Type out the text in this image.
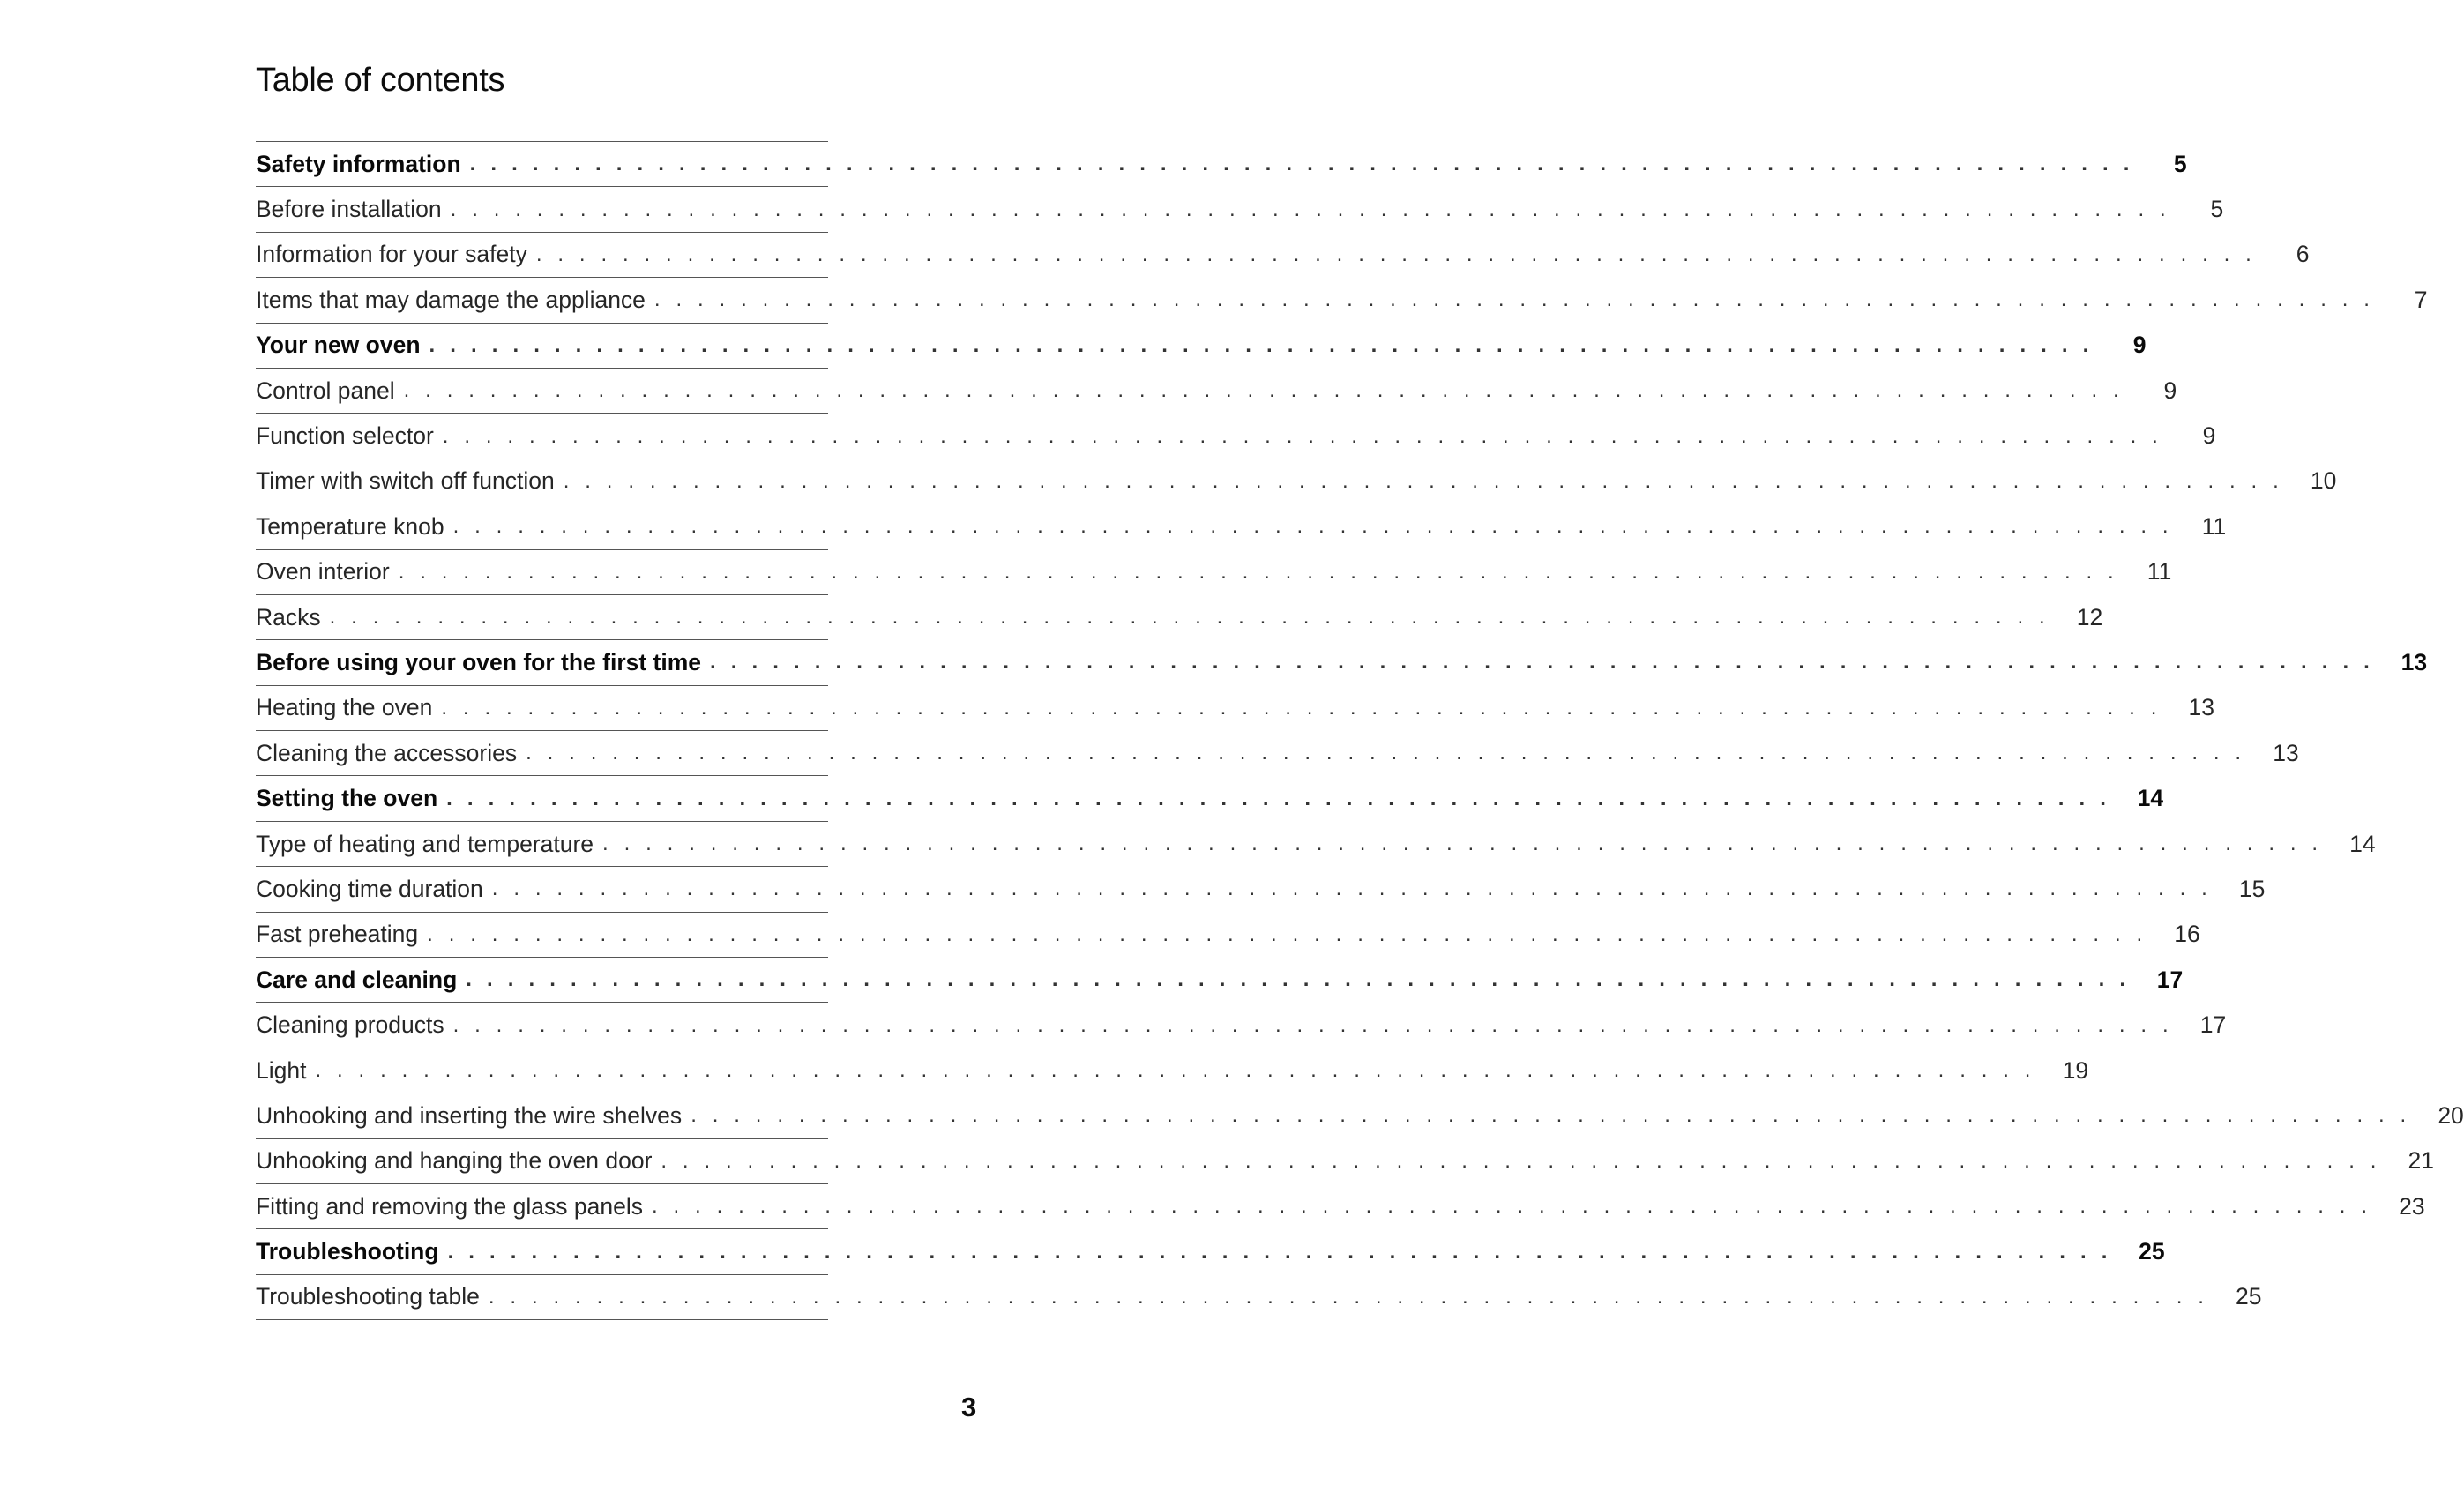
Table of contents
Safety information . . . . . . . . . . . . . . . . . . . . . . . . . . . . . . . . . . . . . . . . . . . . . . . . . . . . . . . . . . . . . . . . . . . . . . . . . . . . . . . .	5
Before installation . . . . . . . . . . . . . . . . . . . . . . . . . . . . . . . . . . . . . . . . . . . . . . . . . . . . . . . . . . . . . . . . . . . . . . . . . . . . . . . .	5
Information for your safety . . . . . . . . . . . . . . . . . . . . . . . . . . . . . . . . . . . . . . . . . . . . . . . . . . . . . . . . . . . . . . . . . . . . . . . . . . . . . . . .	6
Items that may damage the appliance . . . . . . . . . . . . . . . . . . . . . . . . . . . . . . . . . . . . . . . . . . . . . . . . . . . . . . . . . . . . . . . . . . . . . . . . . . . . . . . .	7
Your new oven . . . . . . . . . . . . . . . . . . . . . . . . . . . . . . . . . . . . . . . . . . . . . . . . . . . . . . . . . . . . . . . . . . . . . . . . . . . . . . . .	9
Control panel . . . . . . . . . . . . . . . . . . . . . . . . . . . . . . . . . . . . . . . . . . . . . . . . . . . . . . . . . . . . . . . . . . . . . . . . . . . . . . . .	9
Function selector . . . . . . . . . . . . . . . . . . . . . . . . . . . . . . . . . . . . . . . . . . . . . . . . . . . . . . . . . . . . . . . . . . . . . . . . . . . . . . . .	9
Timer with switch off function . . . . . . . . . . . . . . . . . . . . . . . . . . . . . . . . . . . . . . . . . . . . . . . . . . . . . . . . . . . . . . . . . . . . . . . . . . . . . . . .	10
Temperature knob . . . . . . . . . . . . . . . . . . . . . . . . . . . . . . . . . . . . . . . . . . . . . . . . . . . . . . . . . . . . . . . . . . . . . . . . . . . . . . . .	11
Oven interior . . . . . . . . . . . . . . . . . . . . . . . . . . . . . . . . . . . . . . . . . . . . . . . . . . . . . . . . . . . . . . . . . . . . . . . . . . . . . . . .	11
Racks . . . . . . . . . . . . . . . . . . . . . . . . . . . . . . . . . . . . . . . . . . . . . . . . . . . . . . . . . . . . . . . . . . . . . . . . . . . . . . . .	12
Before using your oven for the first time . . . . . . . . . . . . . . . . . . . . . . . . . . . . . . . . . . . . . . . . . . . . . . . . . . . . . . . . . . . . . . . . . . . . . . . . . . . . . . . .	13
Heating the oven . . . . . . . . . . . . . . . . . . . . . . . . . . . . . . . . . . . . . . . . . . . . . . . . . . . . . . . . . . . . . . . . . . . . . . . . . . . . . . . .	13
Cleaning the accessories . . . . . . . . . . . . . . . . . . . . . . . . . . . . . . . . . . . . . . . . . . . . . . . . . . . . . . . . . . . . . . . . . . . . . . . . . . . . . . . .	13
Setting the oven . . . . . . . . . . . . . . . . . . . . . . . . . . . . . . . . . . . . . . . . . . . . . . . . . . . . . . . . . . . . . . . . . . . . . . . . . . . . . . . .	14
Type of heating and temperature . . . . . . . . . . . . . . . . . . . . . . . . . . . . . . . . . . . . . . . . . . . . . . . . . . . . . . . . . . . . . . . . . . . . . . . . . . . . . . . .	14
Cooking time duration . . . . . . . . . . . . . . . . . . . . . . . . . . . . . . . . . . . . . . . . . . . . . . . . . . . . . . . . . . . . . . . . . . . . . . . . . . . . . . . .	15
Fast preheating . . . . . . . . . . . . . . . . . . . . . . . . . . . . . . . . . . . . . . . . . . . . . . . . . . . . . . . . . . . . . . . . . . . . . . . . . . . . . . . .	16
Care and cleaning . . . . . . . . . . . . . . . . . . . . . . . . . . . . . . . . . . . . . . . . . . . . . . . . . . . . . . . . . . . . . . . . . . . . . . . . . . . . . . . .	17
Cleaning products . . . . . . . . . . . . . . . . . . . . . . . . . . . . . . . . . . . . . . . . . . . . . . . . . . . . . . . . . . . . . . . . . . . . . . . . . . . . . . . .	17
Light . . . . . . . . . . . . . . . . . . . . . . . . . . . . . . . . . . . . . . . . . . . . . . . . . . . . . . . . . . . . . . . . . . . . . . . . . . . . . . . .	19
Unhooking and inserting the wire shelves . . . . . . . . . . . . . . . . . . . . . . . . . . . . . . . . . . . . . . . . . . . . . . . . . . . . . . . . . . . . . . . . . . . . . . . . . . . . . . . .	20
Unhooking and hanging the oven door . . . . . . . . . . . . . . . . . . . . . . . . . . . . . . . . . . . . . . . . . . . . . . . . . . . . . . . . . . . . . . . . . . . . . . . . . . . . . . . .	21
Fitting and removing the glass panels . . . . . . . . . . . . . . . . . . . . . . . . . . . . . . . . . . . . . . . . . . . . . . . . . . . . . . . . . . . . . . . . . . . . . . . . . . . . . . . .	23
Troubleshooting . . . . . . . . . . . . . . . . . . . . . . . . . . . . . . . . . . . . . . . . . . . . . . . . . . . . . . . . . . . . . . . . . . . . . . . . . . . . . . . .	25
Troubleshooting table . . . . . . . . . . . . . . . . . . . . . . . . . . . . . . . . . . . . . . . . . . . . . . . . . . . . . . . . . . . . . . . . . . . . . . . . . . . . . . . .	25
3
